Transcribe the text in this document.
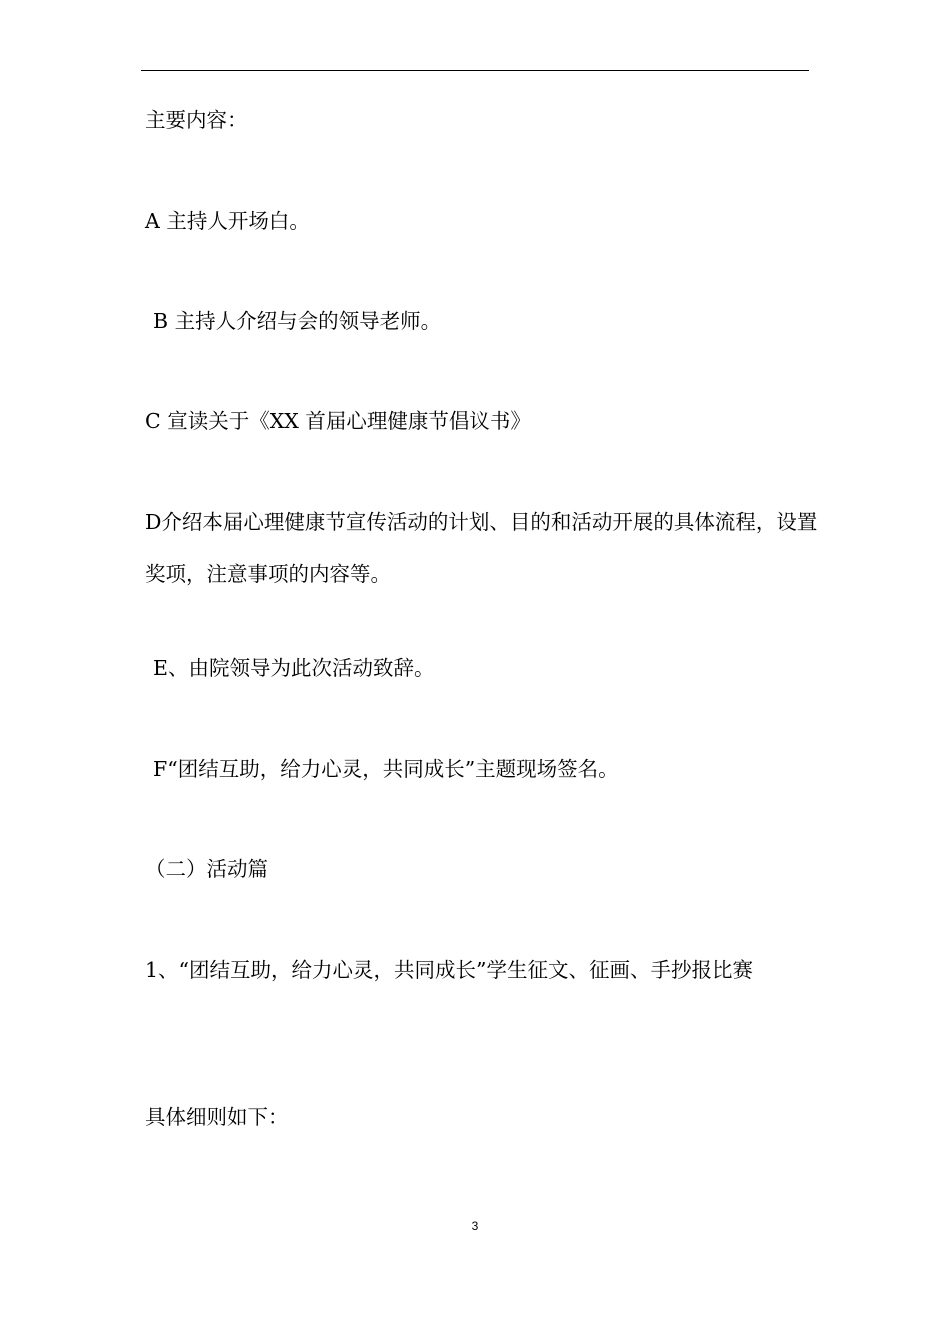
主要内容：
A 主持人开场白。
B 主持人介绍与会的领导老师。
C 宣读关于《XX 首届心理健康节倡议书》
D介绍本届心理健康节宣传活动的计划、目的和活动开展的具体流程，设置奖项，注意事项的内容等。
E、由院领导为此次活动致辞。
F“团结互助，给力心灵，共同成长”主题现场签名。
（二）活动篇
1、“团结互助，给力心灵，共同成长”学生征文、征画、手抄报比赛
具体细则如下：
3
